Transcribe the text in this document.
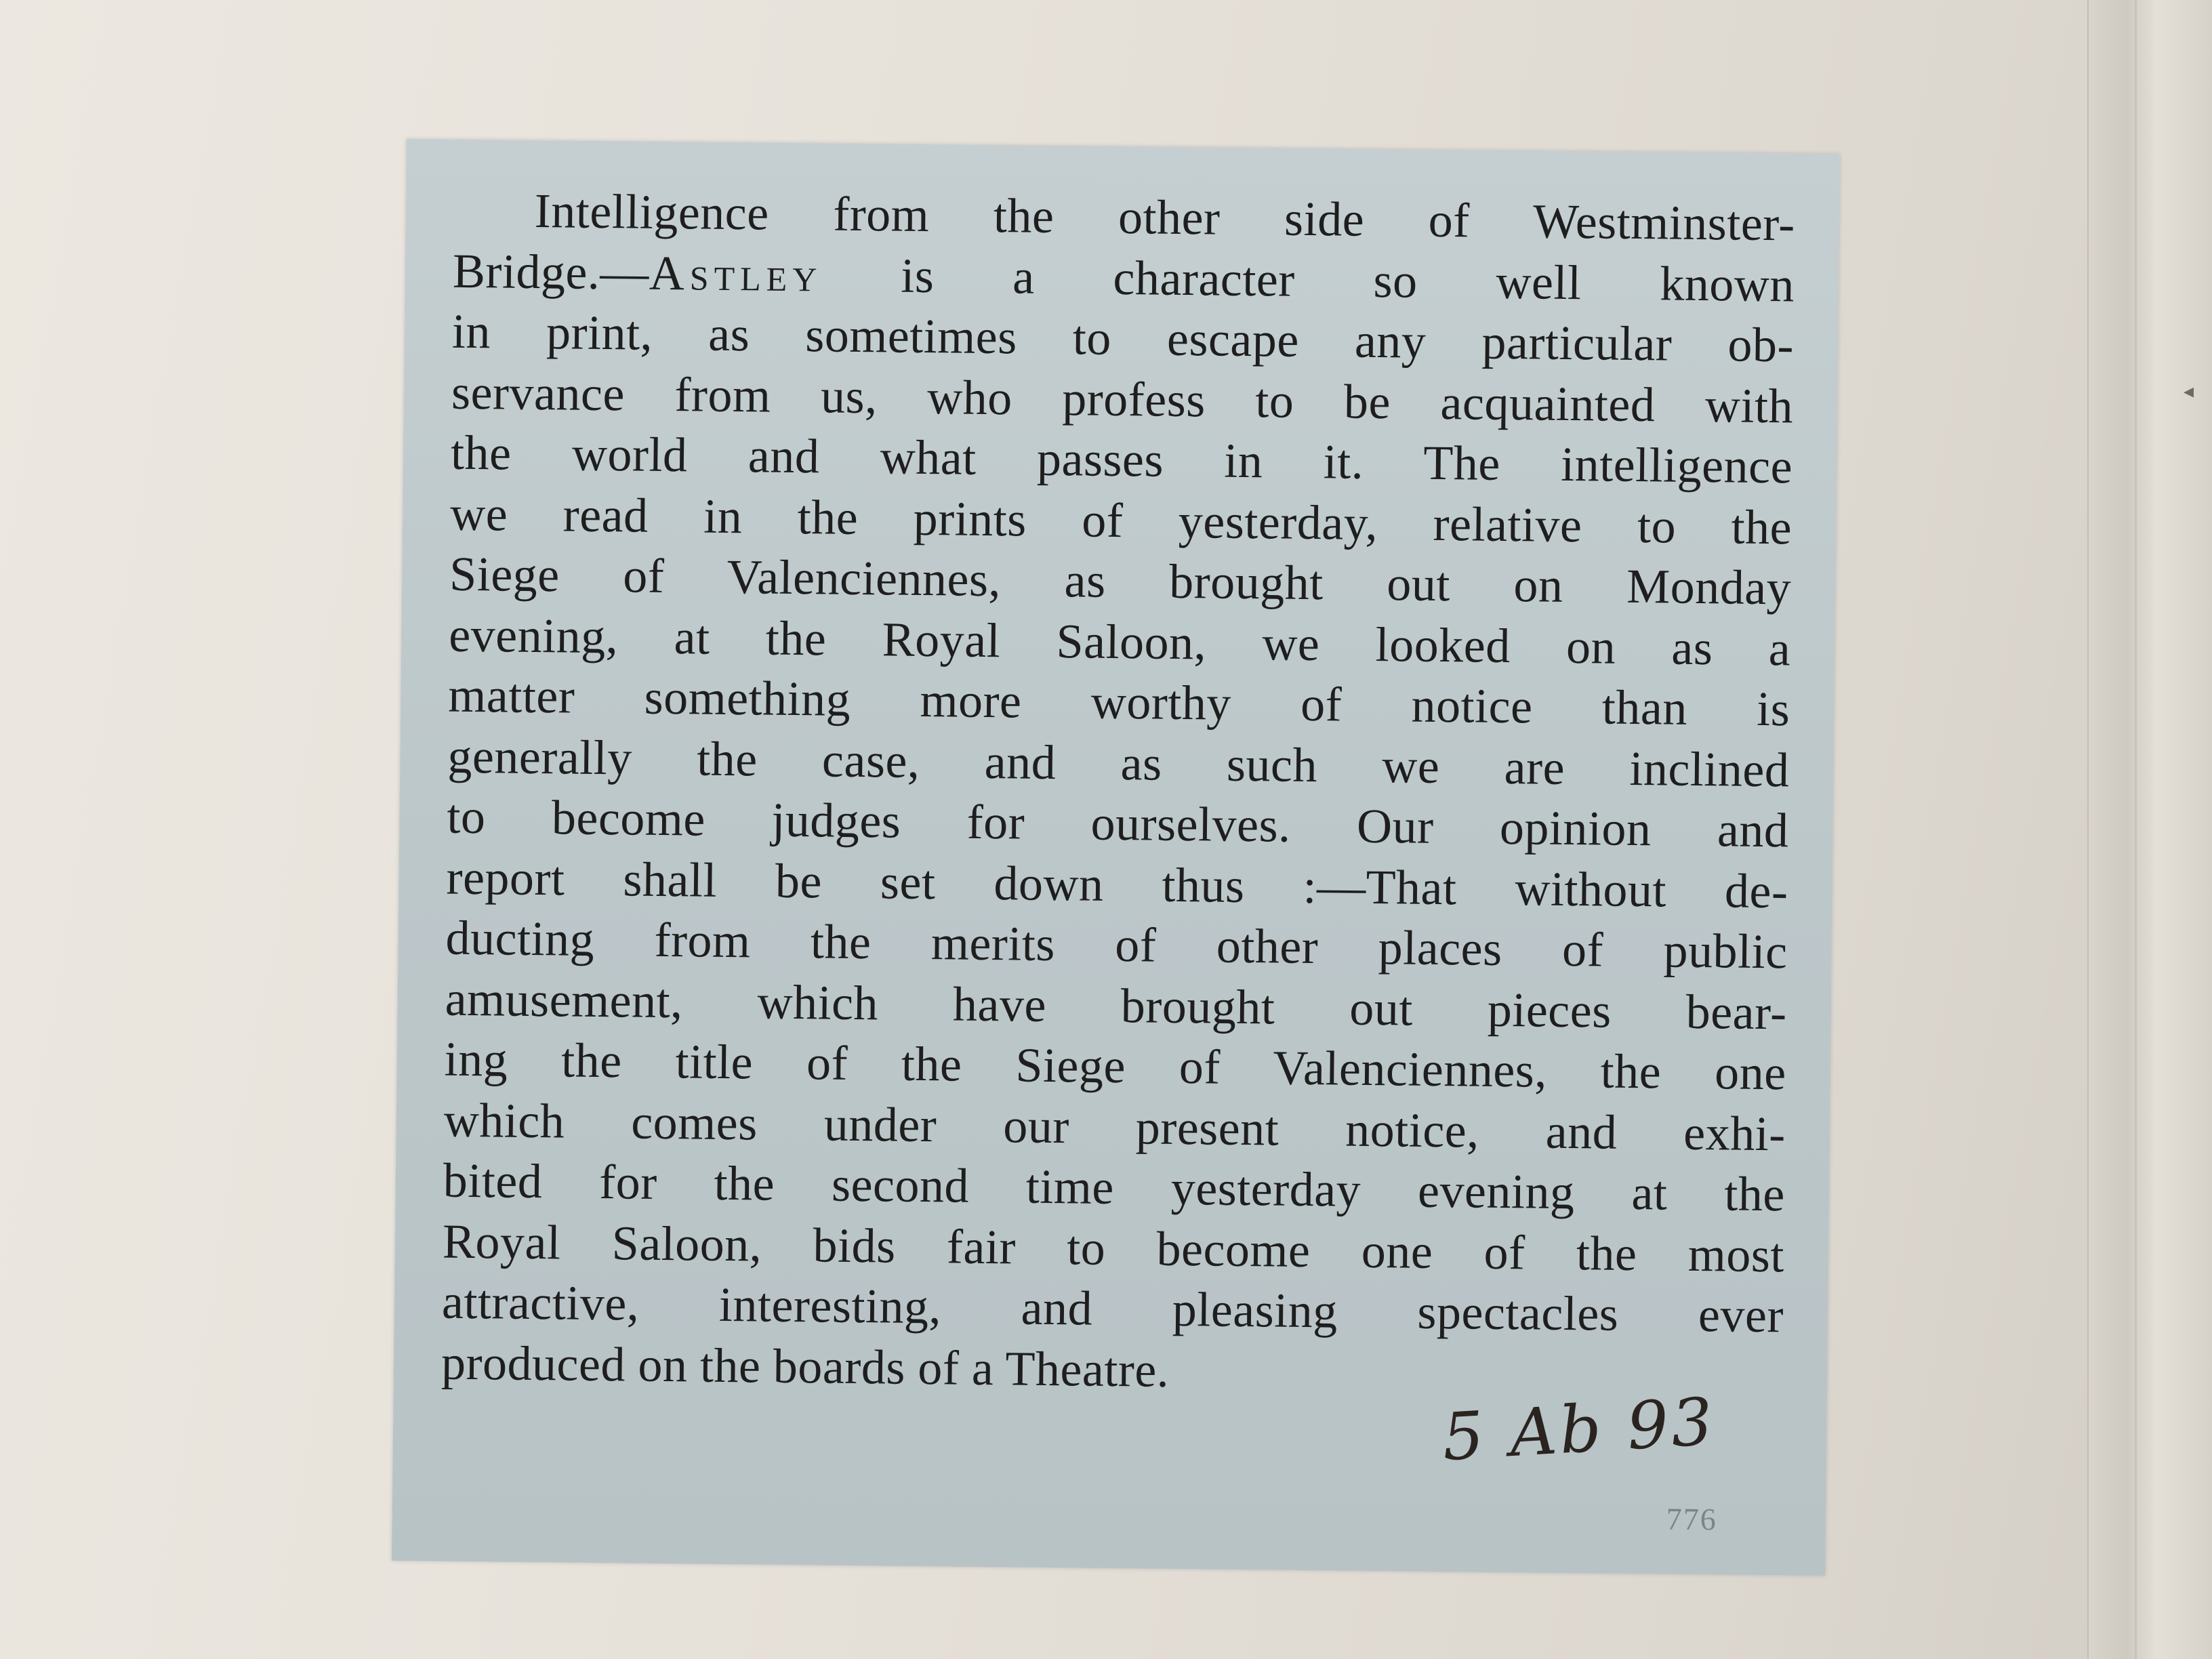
◂
Intelligence from the other side of Westminster-
Bridge.—Astley is a character so well known
in print, as sometimes to escape any particular ob-
servance from us, who profess to be acquainted with
the world and what passes in it. The intelligence
we read in the prints of yesterday, relative to the
Siege of Valenciennes, as brought out on Monday
evening, at the Royal Saloon, we looked on as a
matter something more worthy of notice than is
generally the case, and as such we are inclined
to become judges for ourselves. Our opinion and
report shall be set down thus :—That without de-
ducting from the merits of other places of public
amusement, which have brought out pieces bear-
ing the title of the Siege of Valenciennes, the one
which comes under our present notice, and exhi-
bited for the second time yesterday evening at the
Royal Saloon, bids fair to become one of the most
attractive, interesting, and pleasing spectacles ever
produced on the boards of a Theatre.
5 Ab 93
776
